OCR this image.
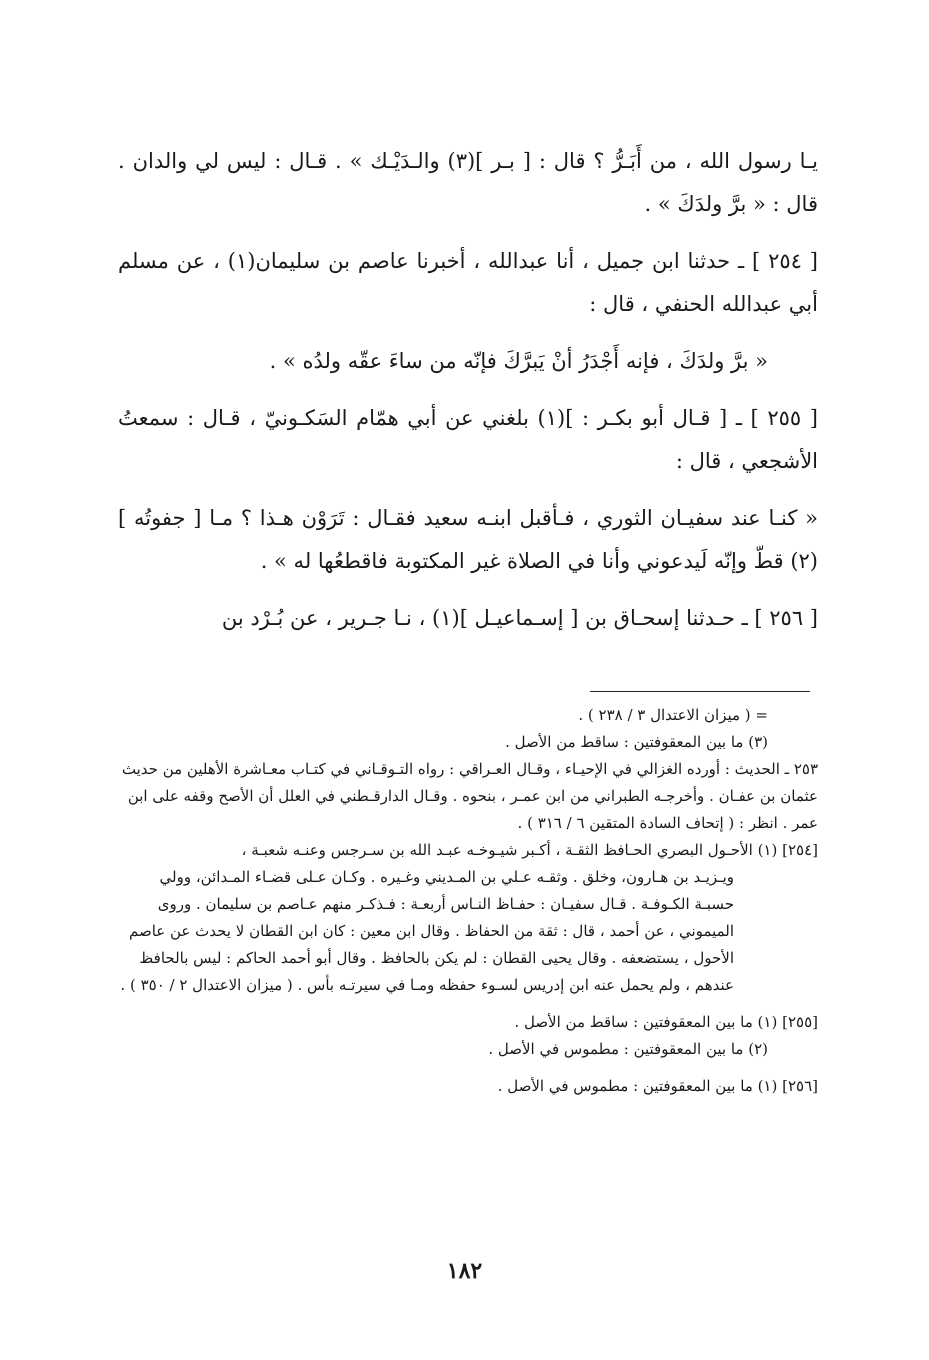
يـا رسول الله ، من أَبَـرُّ ؟ قال : [ بـر ](٣) والـدَيْـك » . قـال : ليس لي والدان . قال : « برَّ ولدَكَ » .

[ ٢٥٤ ] ـ حدثنا ابن جميل ، أنا عبدالله ، أخبرنا عاصم بن سليمان(١) ، عن مسلم أبي عبدالله الحنفي ، قال :

« برَّ ولدَكَ ، فإنه أَجْدَرُ أنْ يَبرَّكَ فإنّه من ساءَ عقّه ولدُه » .

[ ٢٥٥ ] ـ [ قـال أبو بكـر : ](١) بلغني عن أبي همّام السَكـونيّ ، قـال : سمعتُ الأشجعي ، قال :

« كنـا عند سفيـان الثوري ، فـأقبل ابنـه سعيد فقـال : تَرَوْن هـذا ؟ مـا [ جفوتُه ](٢) قطّ وإنّه لَيدعوني وأنا في الصلاة غير المكتوبة فاقطعُها له » .

[ ٢٥٦ ] ـ حـدثنا إسحـاق بن [ إسـماعيـل ](١) ، نـا جـرير ، عن بُـرْد بن

= ( ميزان الاعتدال ٣ / ٢٣٨ ) .

(٣) ما بين المعقوفتين : ساقط من الأصل .

٢٥٣ ـ الحديث : أورده الغزالي في الإحيـاء ، وقـال العـراقي : رواه التـوقـاني في كتـاب معـاشرة الأهلين من حديث عثمان بن عفـان . وأخرجـه الطبراني من ابن عمـر ، بنحوه . وقـال الدارقـطني في العلل أن الأصح وقفه على ابن عمر . انظر : ( إتحاف السادة المتقين ٦ / ٣١٦ ) .

[٢٥٤] (١) الأحـول البصري الحـافظ الثقـة ، أكـبر شيـوخـه عبـد الله بن سـرجس وعنـه شعبـة ،

ويـزيـد بن هـارون، وخلق . وثقـه عـلي بن المـديني وغـيره . وكـان عـلى قضـاء المـدائن، وولي حسبـة الكـوفـة . قـال سفيـان : حفـاظ النـاس أربعـة : فـذكـر منهم عـاصم بن سليمان . وروى الميموني ، عن أحمد ، قال : ثقة من الحفاظ . وقال ابن معين : كان ابن القطان لا يحدث عن عاصم الأحول ، يستضعفه . وقال يحيى القطان : لم يكن بالحافظ . وقال أبو أحمد الحاكم : ليس بالحافظ عندهم ، ولم يحمل عنه ابن إدريس لسـوء حفظه ومـا في سيرتـه بأس . ( ميزان الاعتدال ٢ / ٣٥٠ ) .

[٢٥٥] (١) ما بين المعقوفتين : ساقط من الأصل .

(٢) ما بين المعقوفتين : مطموس في الأصل .

[٢٥٦] (١) ما بين المعقوفتين : مطموس في الأصل .

١٨٢
